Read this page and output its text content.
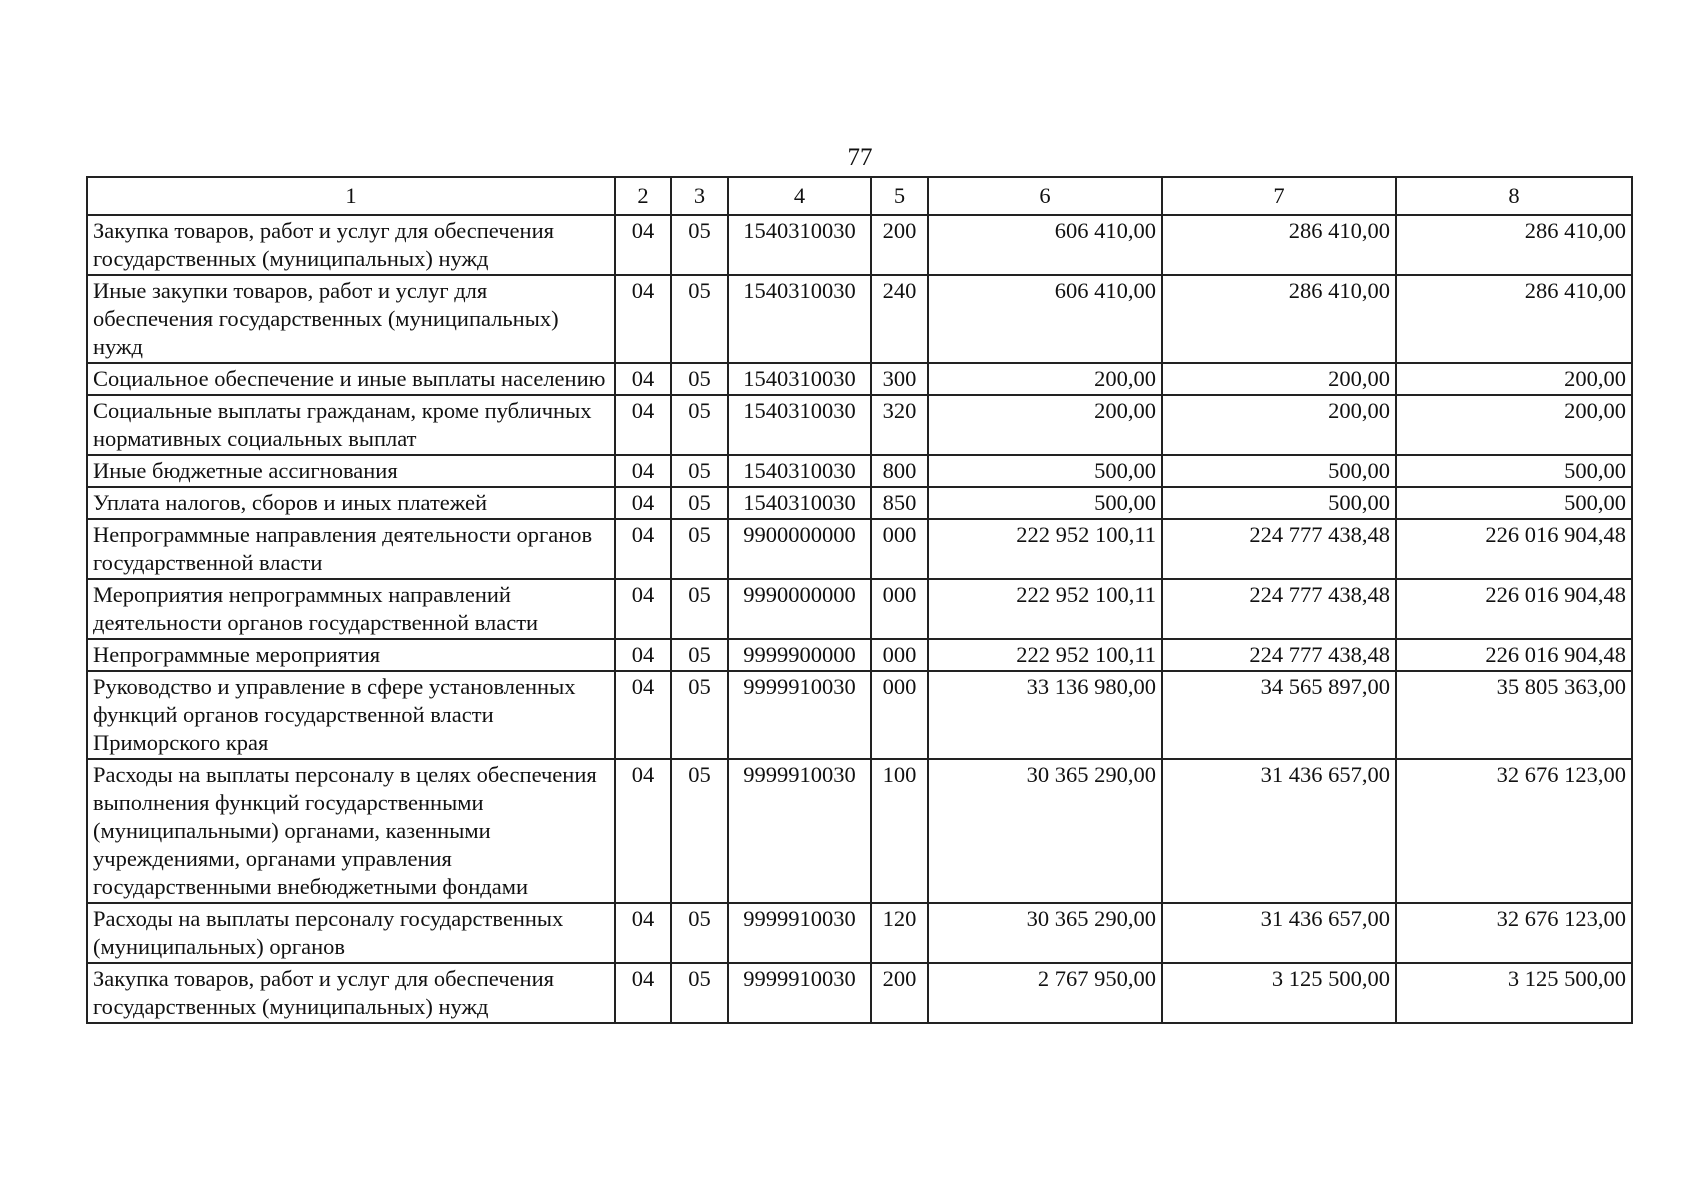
77
1	2	3	4	5	6	7	8
Закупка товаров, работ и услуг для обеспечения государственных (муниципальных) нужд	04	05	1540310030	200	606 410,00	286 410,00	286 410,00
Иные закупки товаров, работ и услуг для обеспечения государственных (муниципальных) нужд	04	05	1540310030	240	606 410,00	286 410,00	286 410,00
Социальное обеспечение и иные выплаты населению	04	05	1540310030	300	200,00	200,00	200,00
Социальные выплаты гражданам, кроме публичных нормативных социальных выплат	04	05	1540310030	320	200,00	200,00	200,00
Иные бюджетные ассигнования	04	05	1540310030	800	500,00	500,00	500,00
Уплата налогов, сборов и иных платежей	04	05	1540310030	850	500,00	500,00	500,00
Непрограммные направления деятельности органов государственной власти	04	05	9900000000	000	222 952 100,11	224 777 438,48	226 016 904,48
Мероприятия непрограммных направлений деятельности органов государственной власти	04	05	9990000000	000	222 952 100,11	224 777 438,48	226 016 904,48
Непрограммные мероприятия	04	05	9999900000	000	222 952 100,11	224 777 438,48	226 016 904,48
Руководство и управление в сфере установленных функций органов государственной власти Приморского края	04	05	9999910030	000	33 136 980,00	34 565 897,00	35 805 363,00
Расходы на выплаты персоналу в целях обеспечения выполнения функций государственными (муниципальными) органами, казенными учреждениями, органами управления государственными внебюджетными фондами	04	05	9999910030	100	30 365 290,00	31 436 657,00	32 676 123,00
Расходы на выплаты персоналу государственных (муниципальных) органов	04	05	9999910030	120	30 365 290,00	31 436 657,00	32 676 123,00
Закупка товаров, работ и услуг для обеспечения государственных (муниципальных) нужд	04	05	9999910030	200	2 767 950,00	3 125 500,00	3 125 500,00
